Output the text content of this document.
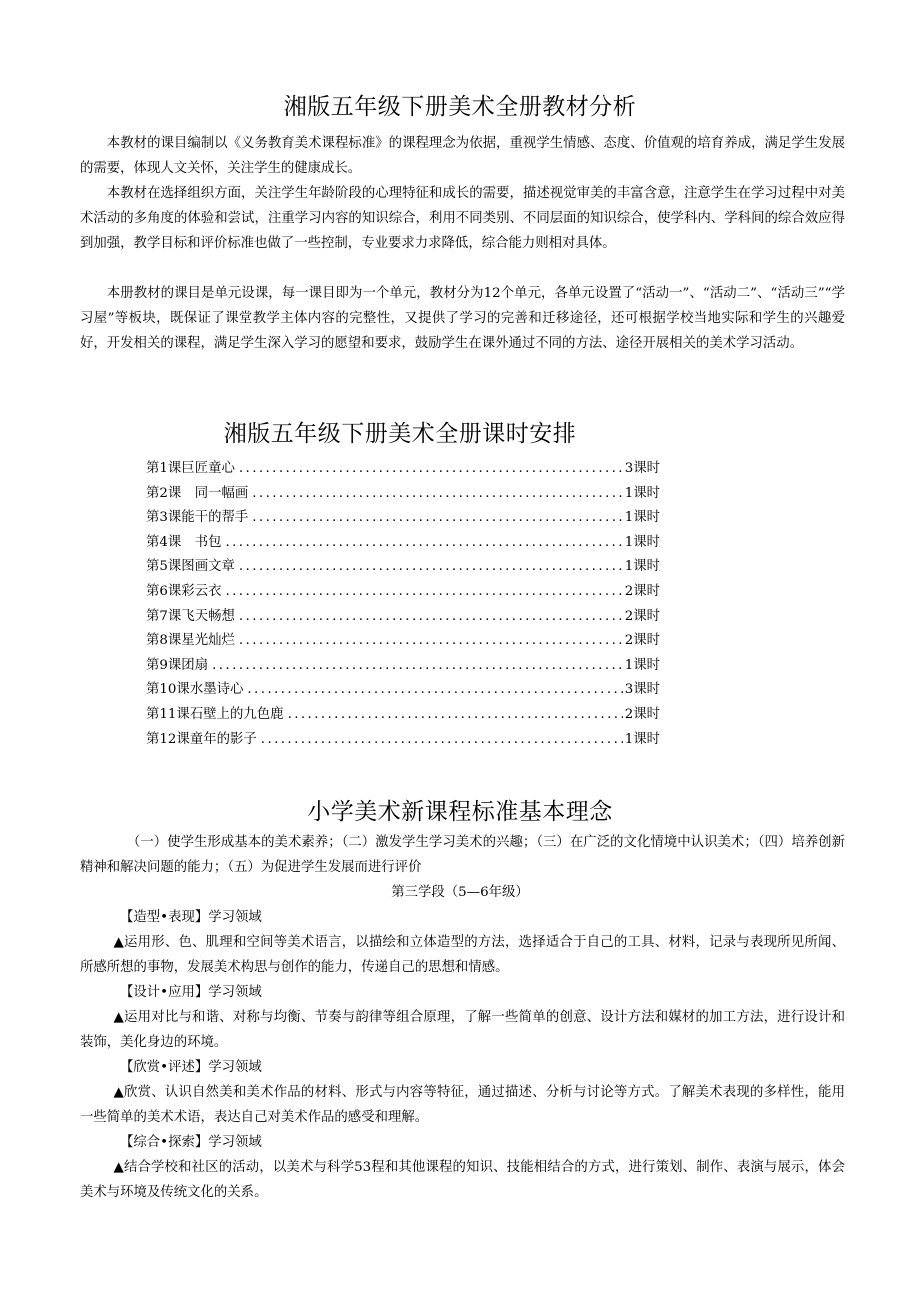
湘版五年级下册美术全册教材分析

本教材的课目编制以《义务教育美术课程标准》的课程理念为依据，重视学生情感、态度、价值观的培育养成，满足学生发展的需要，体现人文关怀，关注学生的健康成长。

本教材在选择组织方面，关注学生年龄阶段的心理特征和成长的需要，描述视觉审美的丰富含意，注意学生在学习过程中对美术活动的多角度的体验和尝试，注重学习内容的知识综合，利用不同类别、不同层面的知识综合，使学科内、学科间的综合效应得到加强，教学目标和评价标准也做了一些控制，专业要求力求降低，综合能力则相对具体。

本册教材的课目是单元设课，每一课目即为一个单元，教材分为12个单元，各单元设置了“活动一”、“活动二”、“活动三”“学习屋”等板块，既保证了课堂教学主体内容的完整性，又提供了学习的完善和迁移途径，还可根据学校当地实际和学生的兴趣爱好，开发相关的课程，满足学生深入学习的愿望和要求，鼓励学生在课外通过不同的方法、途径开展相关的美术学习活动。

湘版五年级下册美术全册课时安排
第1课巨匠童心 .....	3课时
第2课　同一幅画 .....	1课时
第3课能干的帮手 .....	1课时
第4课　书包 .....	1课时
第5课图画文章 .....	1课时
第6课彩云衣 .....	2课时
第7课飞天畅想 .....	2课时
第8课星光灿烂 .....	2课时
第9课团扇 .....	1课时
第10课水墨诗心 .....	3课时
第11课石壁上的九色鹿 .....	2课时
第12课童年的影子 .....	1课时
小学美术新课程标准基本理念

（一）使学生形成基本的美术素养；（二）激发学生学习美术的兴趣；（三）在广泛的文化情境中认识美术；（四）培养创新精神和解决问题的能力；（五）为促进学生发展而进行评价

第三学段（5—6年级）
【造型•表现】学习领域

▲运用形、色、肌理和空间等美术语言，以描绘和立体造型的方法，选择适合于自己的工具、材料，记录与表现所见所闻、所感所想的事物，发展美术构思与创作的能力，传递自己的思想和情感。

【设计•应用】学习领域

▲运用对比与和谐、对称与均衡、节奏与韵律等组合原理，了解一些简单的创意、设计方法和媒材的加工方法，进行设计和装饰，美化身边的环境。

【欣赏•评述】学习领域

▲欣赏、认识自然美和美术作品的材料、形式与内容等特征，通过描述、分析与讨论等方式。了解美术表现的多样性，能用一些简单的美术术语，表达自己对美术作品的感受和理解。

【综合•探索】学习领域

▲结合学校和社区的活动，以美术与科学53程和其他课程的知识、技能相结合的方式，进行策划、制作、表演与展示，体会美术与环境及传统文化的关系。
